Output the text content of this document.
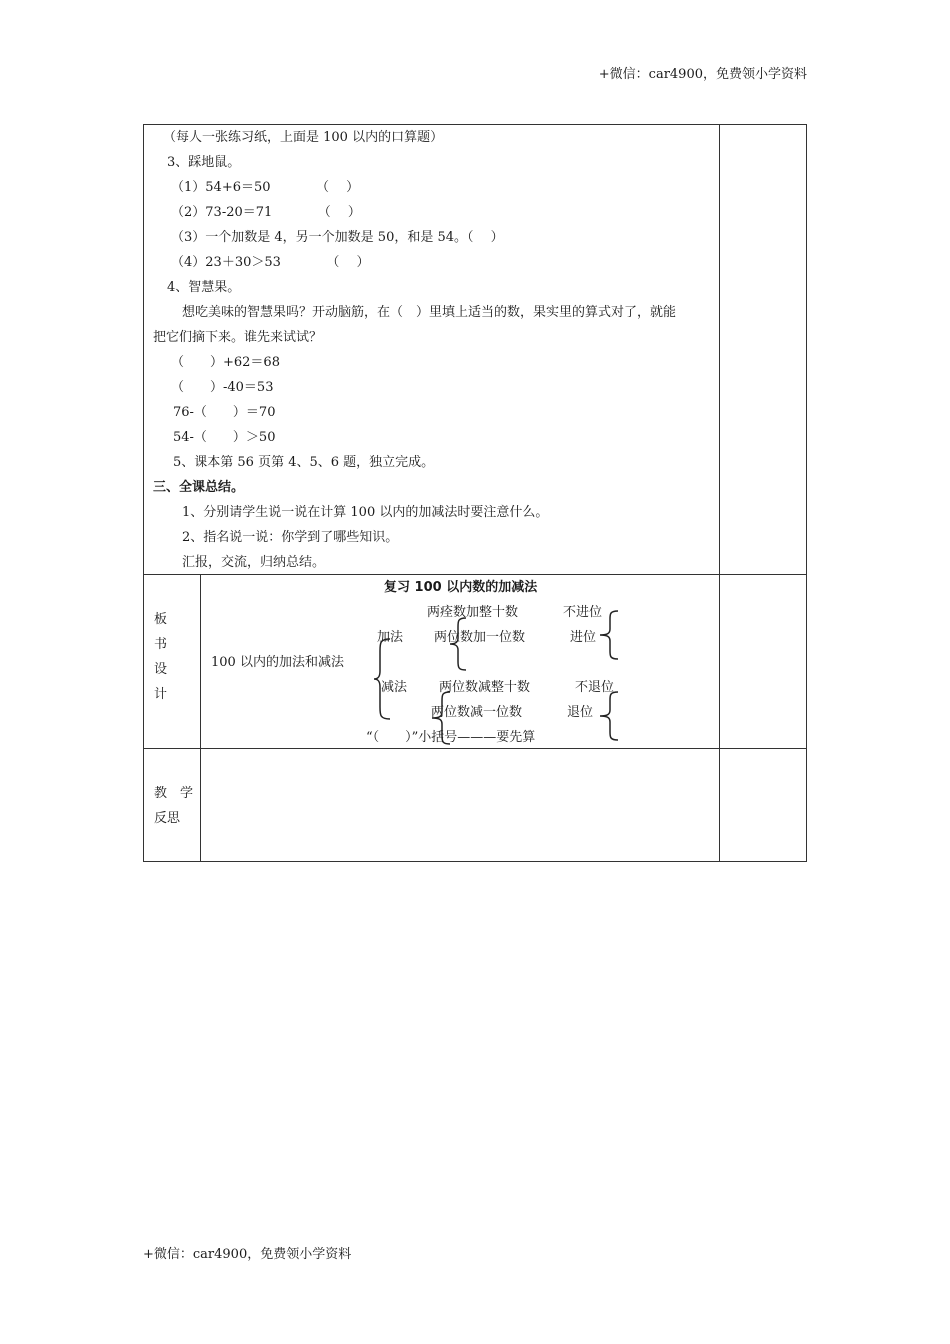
+微信：car4900，免费领小学资料
（每人一张练习纸，上面是 100 以内的口算题）
3、踩地鼠。
（1）54+6＝50　　　　（　 ）
（2）73-20＝71　　　　（　 ）
（3）一个加数是 4，另一个加数是 50，和是 54。（　 ）
（4）23＋30＞53　　　　（　 ）
4、智慧果。
想吃美味的智慧果吗？开动脑筋，在（　）里填上适当的数，果实里的算式对了，就能
把它们摘下来。谁先来试试？
（　　）+62＝68
（　　）-40＝53
76-（　　）＝70
54-（　　）＞50
5、课本第 56 页第 4、5、6 题，独立完成。
三、全课总结。
1、分别请学生说一说在计算 100 以内的加减法时要注意什么。
2、指名说一说：你学到了哪些知识。
汇报，交流，归纳总结。
板
书
设
计
复习 100 以内数的加减法
100 以内的加法和减法
加法
减法
两痊数加整十数
两位数加一位数
两位数减整十数
两位数减一位数
不进位
进位
不退位
退位
“（　　）”小括号———要先算
教　学
反思
+微信：car4900，免费领小学资料
